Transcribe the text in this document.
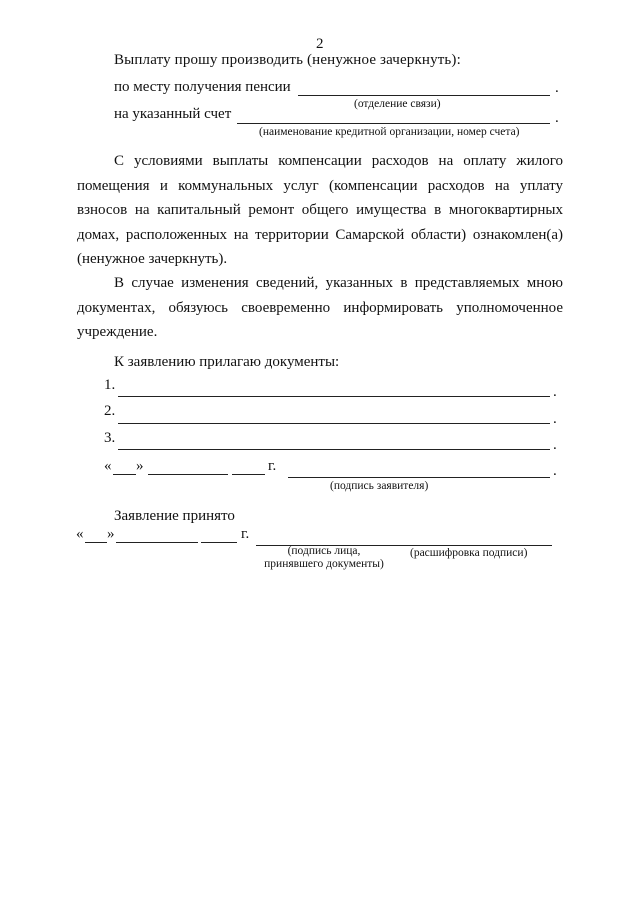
2
Выплату прошу производить (ненужное зачеркнуть):
по месту получения пенсии	.
(отделение связи)
на указанный счет	.
(наименование кредитной организации, номер счета)
С условиями выплаты компенсации расходов на оплату жилого помещения и коммунальных услуг (компенсации расходов на уплату взносов на капитальный ремонт общего имущества в многоквартирных домах, расположенных на территории Самарской области) ознакомлен(а) (ненужное зачеркнуть).
В случае изменения сведений, указанных в представляемых мною документах, обязуюсь своевременно информировать уполномоченное учреждение.
К заявлению прилагаю документы:
1.	.
2.	.
3.	.
« »	г.	.
(подпись заявителя)
Заявление принято
« »	г.
(подпись лица,
принявшего документы)
(расшифровка подписи)
